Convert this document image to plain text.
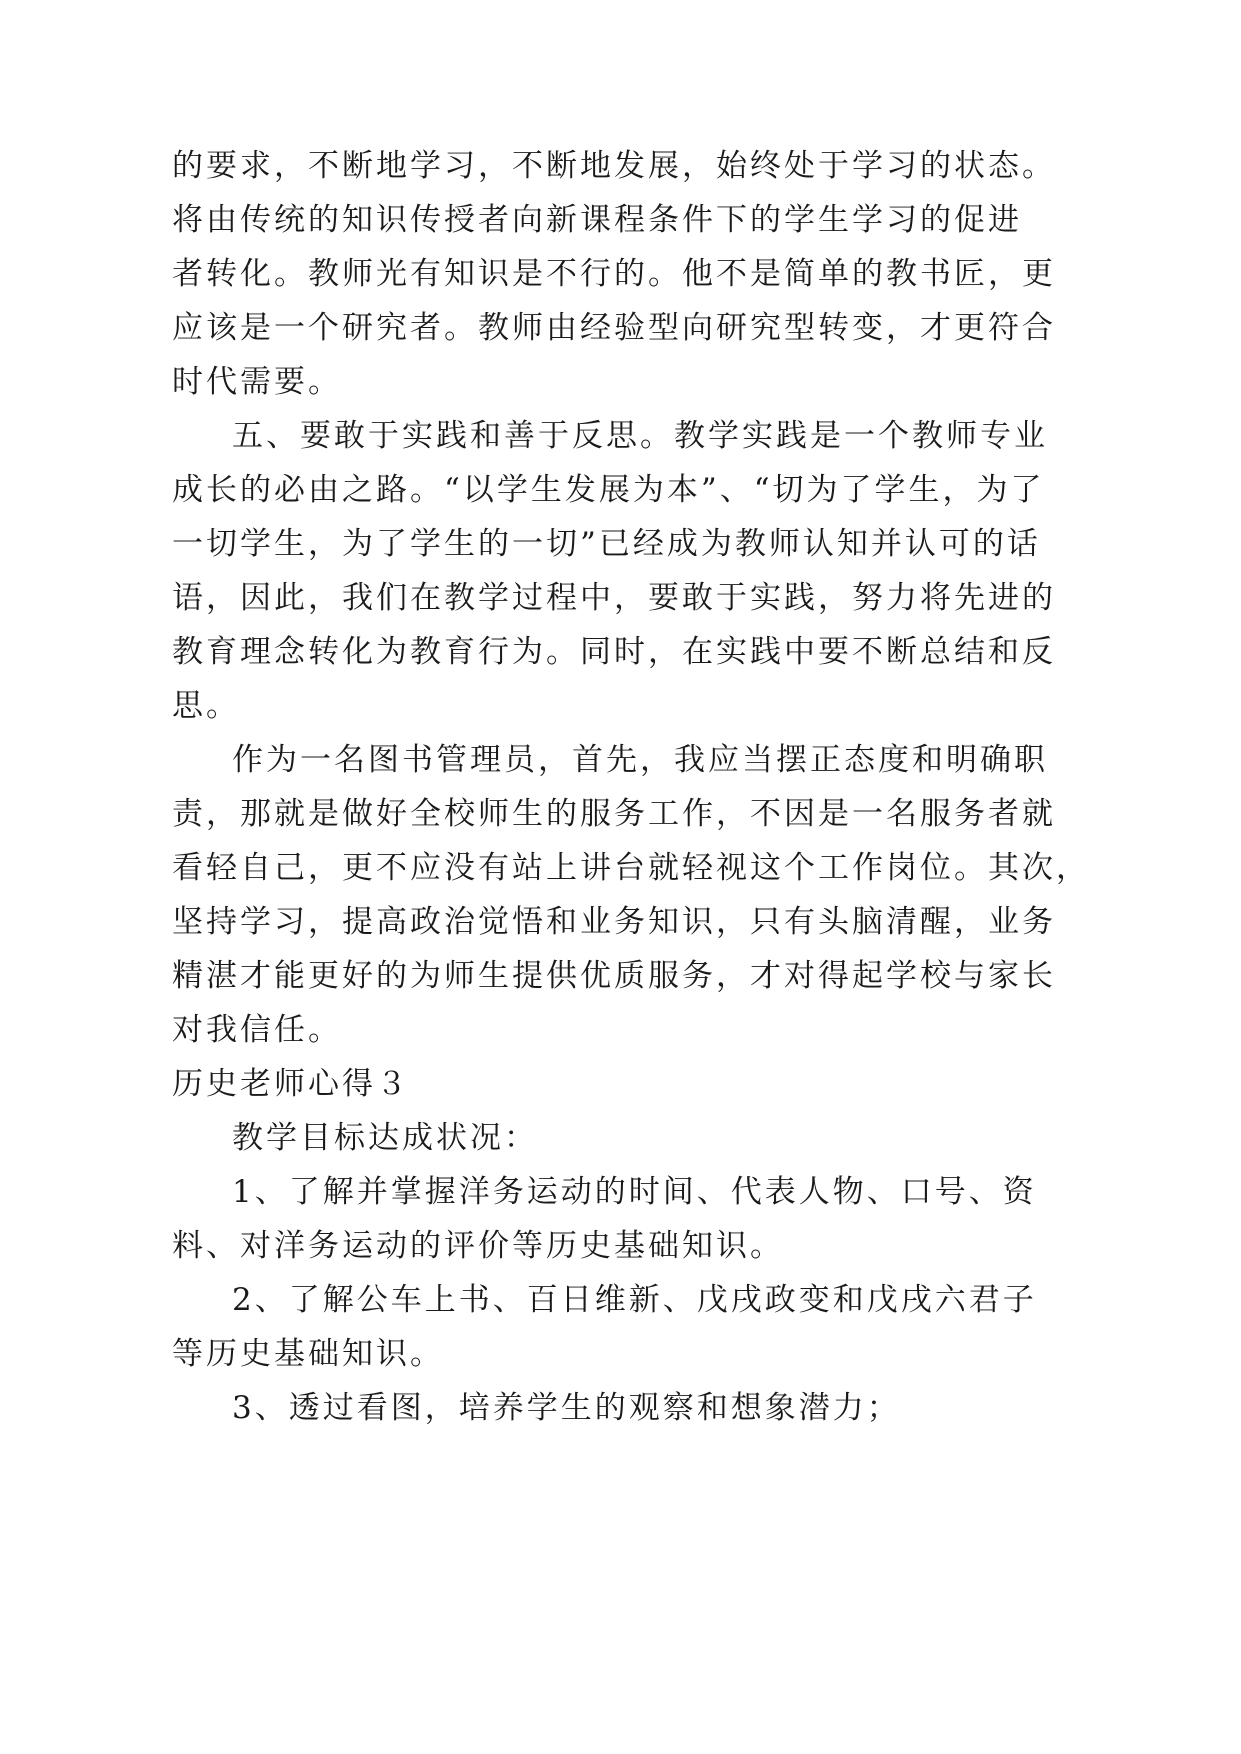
的要求，不断地学习，不断地发展，始终处于学习的状态。
将由传统的知识传授者向新课程条件下的学生学习的促进
者转化。教师光有知识是不行的。他不是简单的教书匠，更
应该是一个研究者。教师由经验型向研究型转变，才更符合
时代需要。
五、要敢于实践和善于反思。教学实践是一个教师专业
成长的必由之路。“以学生发展为本”、“切为了学生，为了
一切学生，为了学生的一切”已经成为教师认知并认可的话
语，因此，我们在教学过程中，要敢于实践，努力将先进的
教育理念转化为教育行为。同时，在实践中要不断总结和反
思。
作为一名图书管理员，首先，我应当摆正态度和明确职
责，那就是做好全校师生的服务工作，不因是一名服务者就
看轻自己，更不应没有站上讲台就轻视这个工作岗位。其次，
坚持学习，提高政治觉悟和业务知识，只有头脑清醒，业务
精湛才能更好的为师生提供优质服务，才对得起学校与家长
对我信任。
历史老师心得３
教学目标达成状况：
1、了解并掌握洋务运动的时间、代表人物、口号、资
料、对洋务运动的评价等历史基础知识。
2、了解公车上书、百日维新、戊戌政变和戊戌六君子
等历史基础知识。
3、透过看图，培养学生的观察和想象潜力；
